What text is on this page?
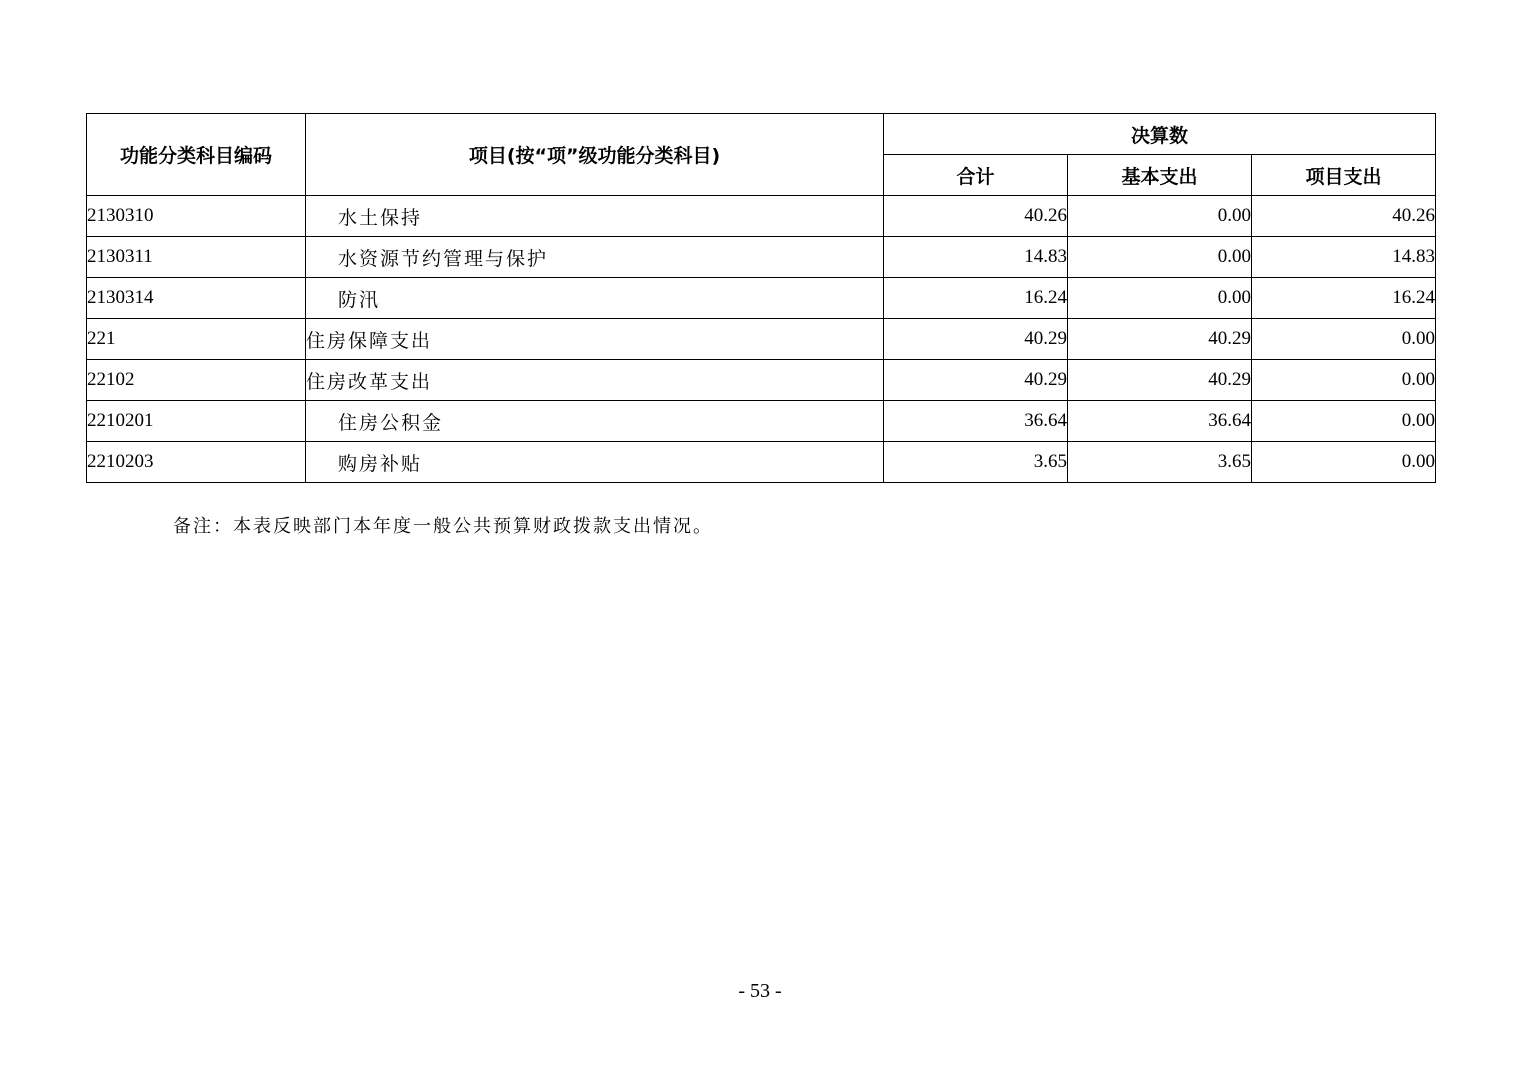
功能分类科目编码	项目(按“项”级功能分类科目)	决算数		
		合计	基本支出	项目支出
2130310	水土保持	40.26	0.00	40.26
2130311	水资源节约管理与保护	14.83	0.00	14.83
2130314	防汛	16.24	0.00	16.24
221	住房保障支出	40.29	40.29	0.00
22102	住房改革支出	40.29	40.29	0.00
2210201	住房公积金	36.64	36.64	0.00
2210203	购房补贴	3.65	3.65	0.00
备注：本表反映部门本年度一般公共预算财政拨款支出情况。
- 53 -
